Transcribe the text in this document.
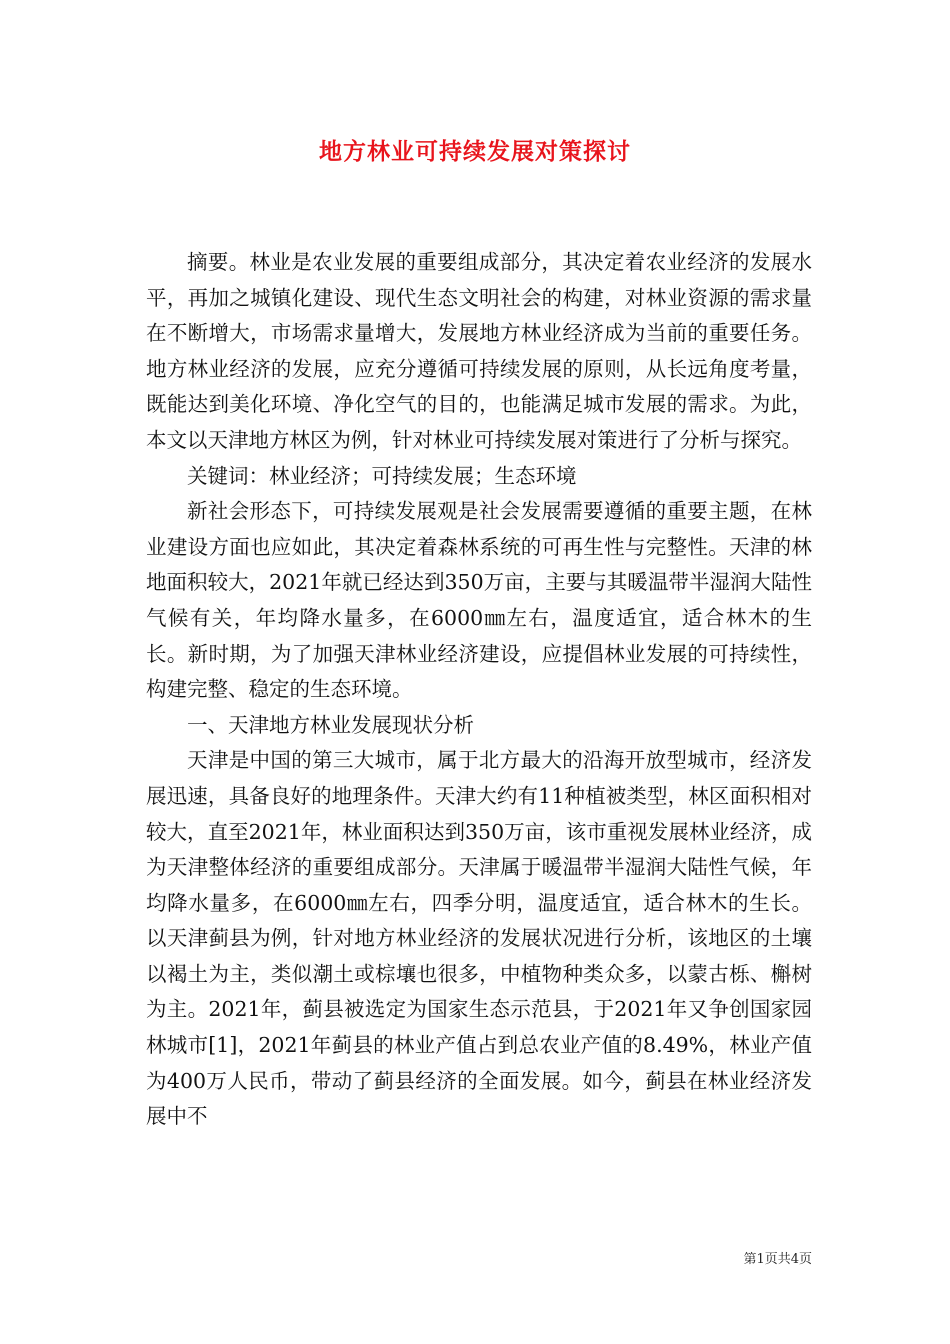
地方林业可持续发展对策探讨

摘要。林业是农业发展的重要组成部分，其决定着农业经济的发展水平，再加之城镇化建设、现代生态文明社会的构建，对林业资源的需求量在不断增大，市场需求量增大，发展地方林业经济成为当前的重要任务。地方林业经济的发展，应充分遵循可持续发展的原则，从长远角度考量，既能达到美化环境、净化空气的目的，也能满足城市发展的需求。为此，本文以天津地方林区为例，针对林业可持续发展对策进行了分析与探究。

关键词：林业经济；可持续发展；生态环境

新社会形态下，可持续发展观是社会发展需要遵循的重要主题，在林业建设方面也应如此，其决定着森林系统的可再生性与完整性。天津的林地面积较大，2021年就已经达到350万亩，主要与其暖温带半湿润大陆性气候有关，年均降水量多，在6000㎜左右，温度适宜，适合林木的生长。新时期，为了加强天津林业经济建设，应提倡林业发展的可持续性，构建完整、稳定的生态环境。

一、天津地方林业发展现状分析

天津是中国的第三大城市，属于北方最大的沿海开放型城市，经济发展迅速，具备良好的地理条件。天津大约有11种植被类型，林区面积相对较大，直至2021年，林业面积达到350万亩，该市重视发展林业经济，成为天津整体经济的重要组成部分。天津属于暖温带半湿润大陆性气候，年均降水量多，在6000㎜左右，四季分明，温度适宜，适合林木的生长。以天津蓟县为例，针对地方林业经济的发展状况进行分析，该地区的土壤以褐土为主，类似潮土或棕壤也很多，中植物种类众多，以蒙古栎、槲树为主。2021年，蓟县被选定为国家生态示范县，于2021年又争创国家园林城市[1]，2021年蓟县的林业产值占到总农业产值的8.49%，林业产值为400万人民币，带动了蓟县经济的全面发展。如今，蓟县在林业经济发展中不

第1页共4页
